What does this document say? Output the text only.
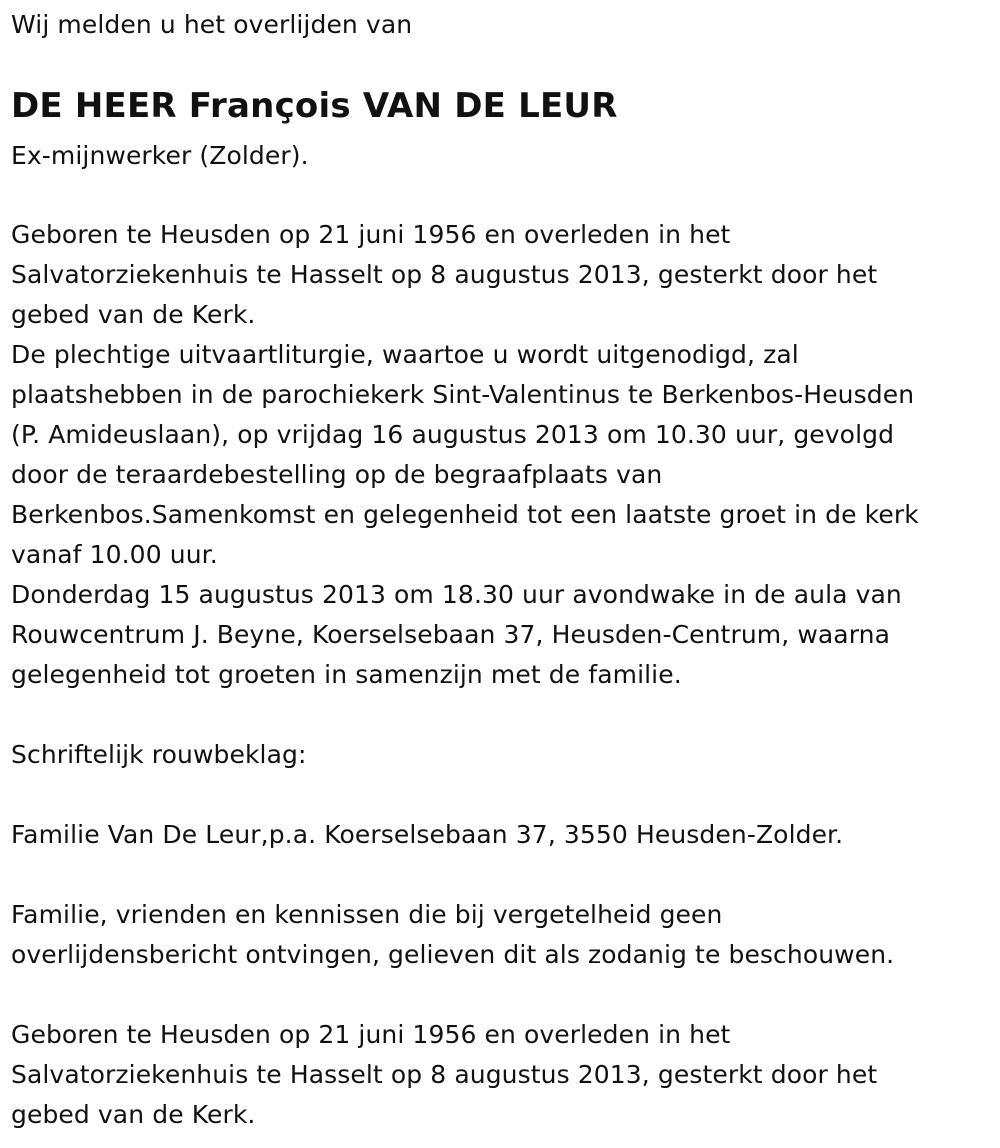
Wij melden u het overlijden van
DE HEER François VAN DE LEUR
Ex-mijnwerker (Zolder).
Geboren te Heusden op 21 juni 1956 en overleden in het
Salvatorziekenhuis te Hasselt op 8 augustus 2013, gesterkt door het
gebed van de Kerk.
De plechtige uitvaartliturgie, waartoe u wordt uitgenodigd, zal
plaatshebben in de parochiekerk Sint-Valentinus te Berkenbos-Heusden
(P. Amideuslaan), op vrijdag 16 augustus 2013 om 10.30 uur, gevolgd
door de teraardebestelling op de begraafplaats van
Berkenbos.Samenkomst en gelegenheid tot een laatste groet in de kerk
vanaf 10.00 uur.
Donderdag 15 augustus 2013 om 18.30 uur avondwake in de aula van
Rouwcentrum J. Beyne, Koerselsebaan 37, Heusden-Centrum, waarna
gelegenheid tot groeten in samenzijn met de familie.
Schriftelijk rouwbeklag:
Familie Van De Leur,p.a. Koerselsebaan 37, 3550 Heusden-Zolder.
Familie, vrienden en kennissen die bij vergetelheid geen
overlijdensbericht ontvingen, gelieven dit als zodanig te beschouwen.
Geboren te Heusden op 21 juni 1956 en overleden in het
Salvatorziekenhuis te Hasselt op 8 augustus 2013, gesterkt door het
gebed van de Kerk.
